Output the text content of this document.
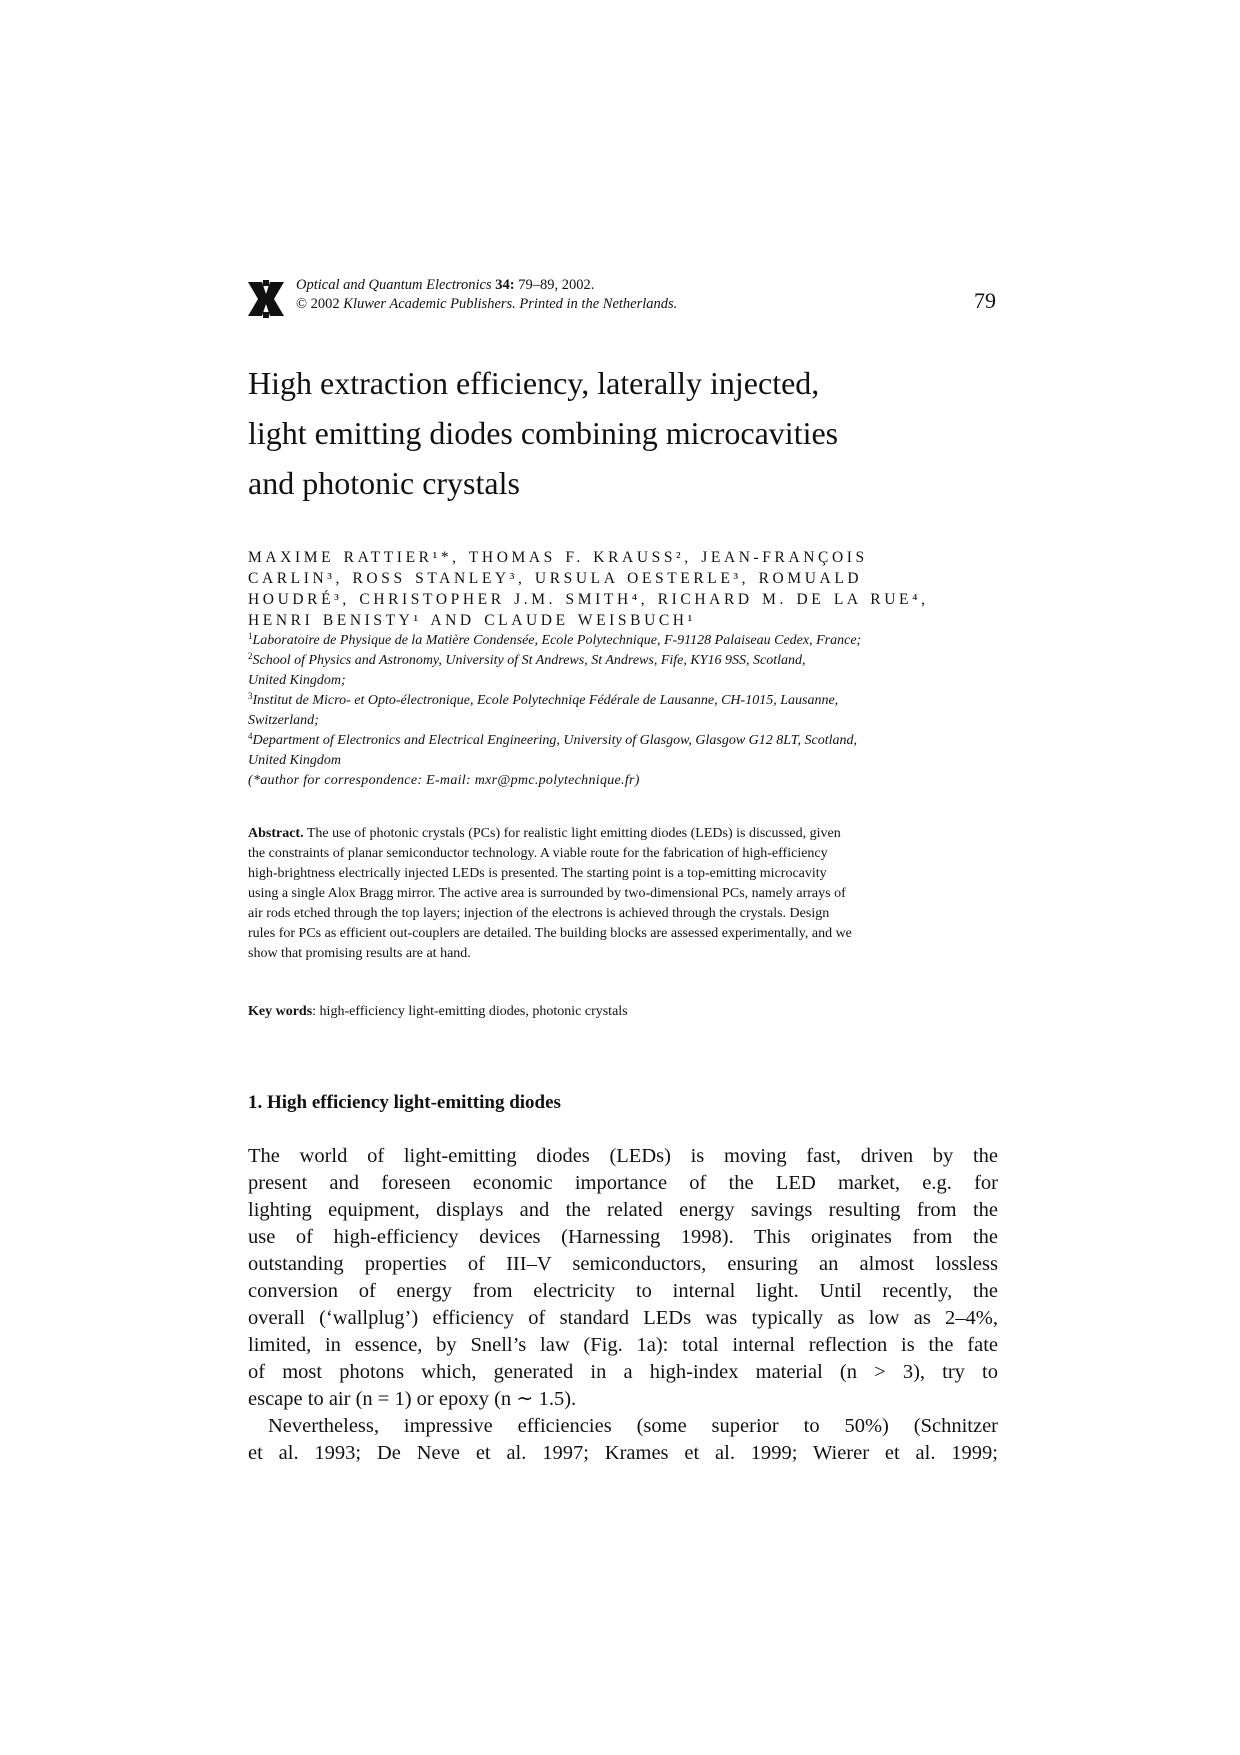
Optical and Quantum Electronics 34: 79–89, 2002.
© 2002 Kluwer Academic Publishers. Printed in the Netherlands.	79
High extraction efficiency, laterally injected,
light emitting diodes combining microcavities
and photonic crystals
MAXIME RATTIER¹*, THOMAS F. KRAUSS², JEAN-FRANÇOIS
CARLIN³, ROSS STANLEY³, URSULA OESTERLE³, ROMUALD
HOUDRÉ³, CHRISTOPHER J.M. SMITH⁴, RICHARD M. DE LA RUE⁴,
HENRI BENISTY¹ AND CLAUDE WEISBUCH¹
$^1$Laboratoire de Physique de la Matière Condensée, Ecole Polytechnique, F-91128 Palaiseau Cedex, France;
$^2$School of Physics and Astronomy, University of St Andrews, St Andrews, Fife, KY16 9SS, Scotland,
United Kingdom;
$^3$Institut de Micro- et Opto-électronique, Ecole Polytechniqe Fédérale de Lausanne, CH-1015, Lausanne,
Switzerland;
$^4$Department of Electronics and Electrical Engineering, University of Glasgow, Glasgow G12 8LT, Scotland,
United Kingdom
(*author for correspondence: E-mail: mxr@pmc.polytechnique.fr)
Abstract. The use of photonic crystals (PCs) for realistic light emitting diodes (LEDs) is discussed, given
the constraints of planar semiconductor technology. A viable route for the fabrication of high-efficiency
high-brightness electrically injected LEDs is presented. The starting point is a top-emitting microcavity
using a single Alox Bragg mirror. The active area is surrounded by two-dimensional PCs, namely arrays of
air rods etched through the top layers; injection of the electrons is achieved through the crystals. Design
rules for PCs as efficient out-couplers are detailed. The building blocks are assessed experimentally, and we
show that promising results are at hand.
Key words: high-efficiency light-emitting diodes, photonic crystals
1. High efficiency light-emitting diodes
The world of light-emitting diodes (LEDs) is moving fast, driven by the
present and foreseen economic importance of the LED market, e.g. for
lighting equipment, displays and the related energy savings resulting from the
use of high-efficiency devices (Harnessing 1998). This originates from the
outstanding properties of III–V semiconductors, ensuring an almost lossless
conversion of energy from electricity to internal light. Until recently, the
overall (‘wallplug’) efficiency of standard LEDs was typically as low as 2–4%,
limited, in essence, by Snell’s law (Fig. 1a): total internal reflection is the fate
of most photons which, generated in a high-index material (n > 3), try to
escape to air (n = 1) or epoxy (n ∼ 1.5).
Nevertheless, impressive efficiencies (some superior to 50%) (Schnitzer
et al. 1993; De Neve et al. 1997; Krames et al. 1999; Wierer et al. 1999;
